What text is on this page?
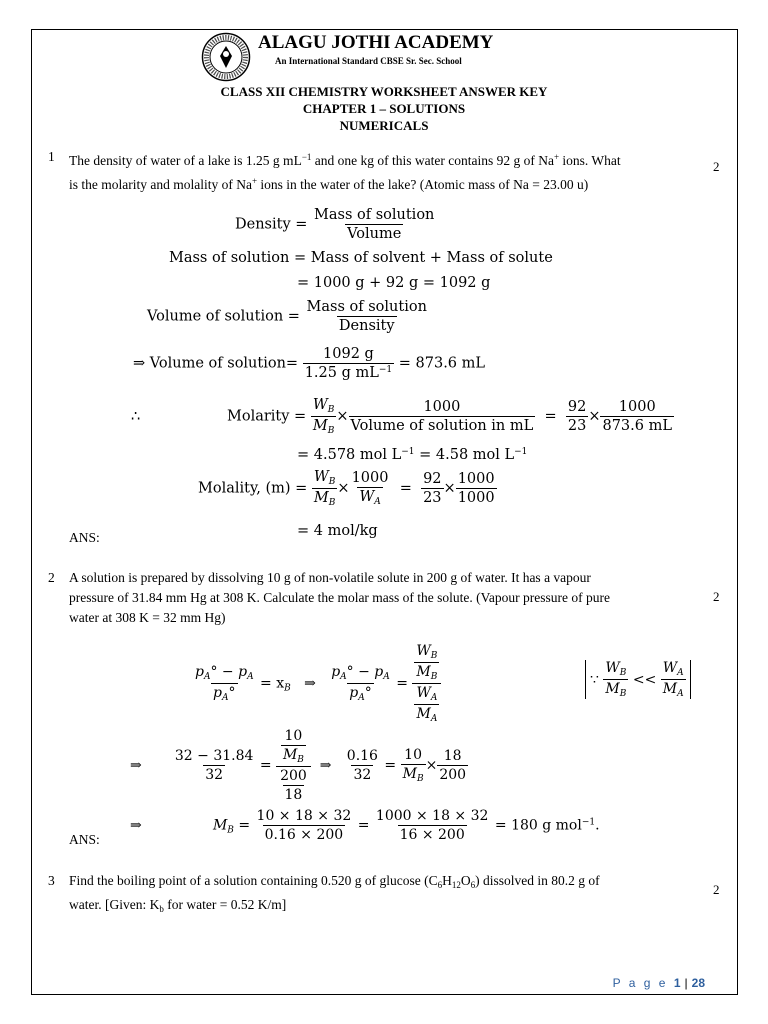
ALAGU JOTHI ACADEMY
An International Standard CBSE Sr. Sec. School
CLASS XII CHEMISTRY WORKSHEET ANSWER KEY
CHAPTER 1 – SOLUTIONS
NUMERICALS
1 The density of water of a lake is 1.25 g $mL^{-1}$ and one kg of this water contains 92 g of Na+ ions. What
is the molarity and molality of Na+ ions in the water of the lake? (Atomic mass of Na = 23.00 u)
2
Density = $\frac{\text{Mass of solution}}{\text{Volume}}$
Mass of solution = Mass of solvent + Mass of solute
= 1000 g + 92 g = 1092 g
Volume of solution = $\frac{\text{Mass of solution}}{\text{Density}}$
⇒ Volume of solution= $\frac{1092 g}{1.25 g mL^{-1}} = 873.6$ mL
∴	Molarity = $\frac{W_B}{M_B} \times \frac{1000}{\text{Volume of solution in mL}} = \frac{92}{23} \times \frac{1000}{873.6 mL}$
= 4.578 mol $L^{-1} = 4.58$ mol $L^{-1}$
Molality, $(m) = \frac{W_B}{M_B} \times \frac{1000}{W_A} = \frac{92}{23} \times \frac{1000}{1000}$
= 4 mol/kg
ANS:
2 A solution is prepared by dissolving 10 g of non-volatile solute in 200 g of water. It has a vapour
pressure of 31.84 mm Hg at 308 K. Calculate the molar mass of the solute. (Vapour pressure of pure
water at 308 K = 32 mm Hg)
2
$\frac{p_A^\circ - p_A}{p_A^\circ} = x_B$ ⇒ $\frac{p_A^\circ - p_A}{p_A^\circ} = \frac{\frac{W_B}{M_B}}{\frac{W_A}{M_A}}$	∵
$\frac{W_B}{M_B}$
<<
$\frac{W_A}{M_A}$
⇒ $\frac{32 - 31.84}{32} = \frac{\frac{10}{M_B}}{\frac{200}{18}}$ ⇒ $\frac{0.16}{32} = \frac{10}{M_B} \times \frac{18}{200}$
⇒	$M_B = \frac{10 \times 18 \times 32}{0.16 \times 200} = \frac{1000 \times 18 \times 32}{16 \times 200} = 180$ g mol$^{-1}$.
ANS:
3 Find the boiling point of a solution containing 0.520 g of glucose $(C_6H_{12}O_6)$ dissolved in 80.2 g of
water. [Given: $K_b$ for water = 0.52 K/m]
2
P a g e 1 | 28
